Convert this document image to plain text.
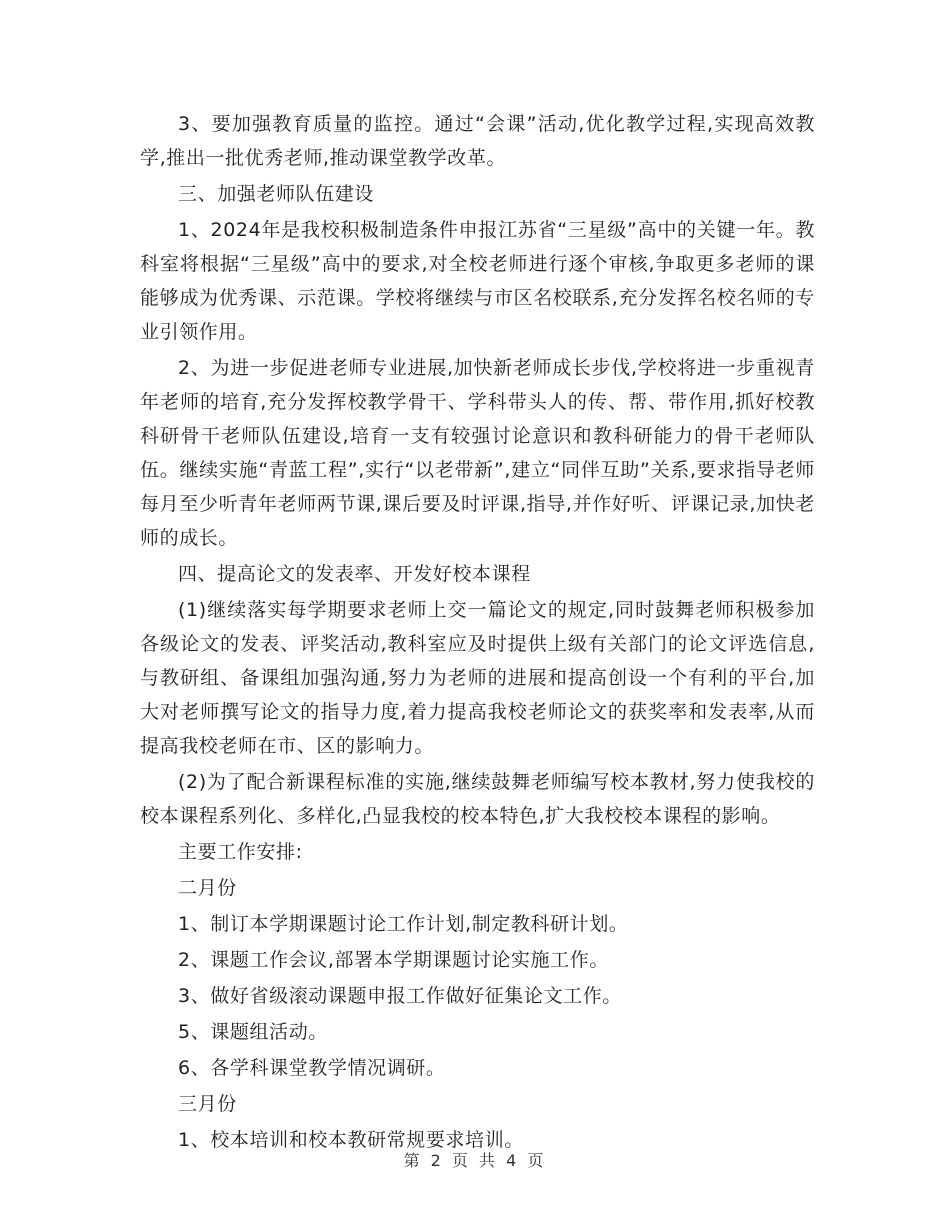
3、要加强教育质量的监控。通过“会课”活动,优化教学过程,实现高效教学,推出一批优秀老师,推动课堂教学改革。

三、加强老师队伍建设

1、2024年是我校积极制造条件申报江苏省“三星级”高中的关键一年。教科室将根据“三星级”高中的要求,对全校老师进行逐个审核,争取更多老师的课能够成为优秀课、示范课。学校将继续与市区名校联系,充分发挥名校名师的专业引领作用。

2、为进一步促进老师专业进展,加快新老师成长步伐,学校将进一步重视青年老师的培育,充分发挥校教学骨干、学科带头人的传、帮、带作用,抓好校教科研骨干老师队伍建设,培育一支有较强讨论意识和教科研能力的骨干老师队伍。继续实施“青蓝工程”,实行“以老带新”,建立“同伴互助”关系,要求指导老师每月至少听青年老师两节课,课后要及时评课,指导,并作好听、评课记录,加快老师的成长。

四、提高论文的发表率、开发好校本课程

(1)继续落实每学期要求老师上交一篇论文的规定,同时鼓舞老师积极参加各级论文的发表、评奖活动,教科室应及时提供上级有关部门的论文评选信息,与教研组、备课组加强沟通,努力为老师的进展和提高创设一个有利的平台,加大对老师撰写论文的指导力度,着力提高我校老师论文的获奖率和发表率,从而提高我校老师在市、区的影响力。

(2)为了配合新课程标准的实施,继续鼓舞老师编写校本教材,努力使我校的校本课程系列化、多样化,凸显我校的校本特色,扩大我校校本课程的影响。

主要工作安排:

二月份

1、制订本学期课题讨论工作计划,制定教科研计划。

2、课题工作会议,部署本学期课题讨论实施工作。

3、做好省级滚动课题申报工作做好征集论文工作。

5、课题组活动。

6、各学科课堂教学情况调研。

三月份

1、校本培训和校本教研常规要求培训。

第 2 页 共 4 页
